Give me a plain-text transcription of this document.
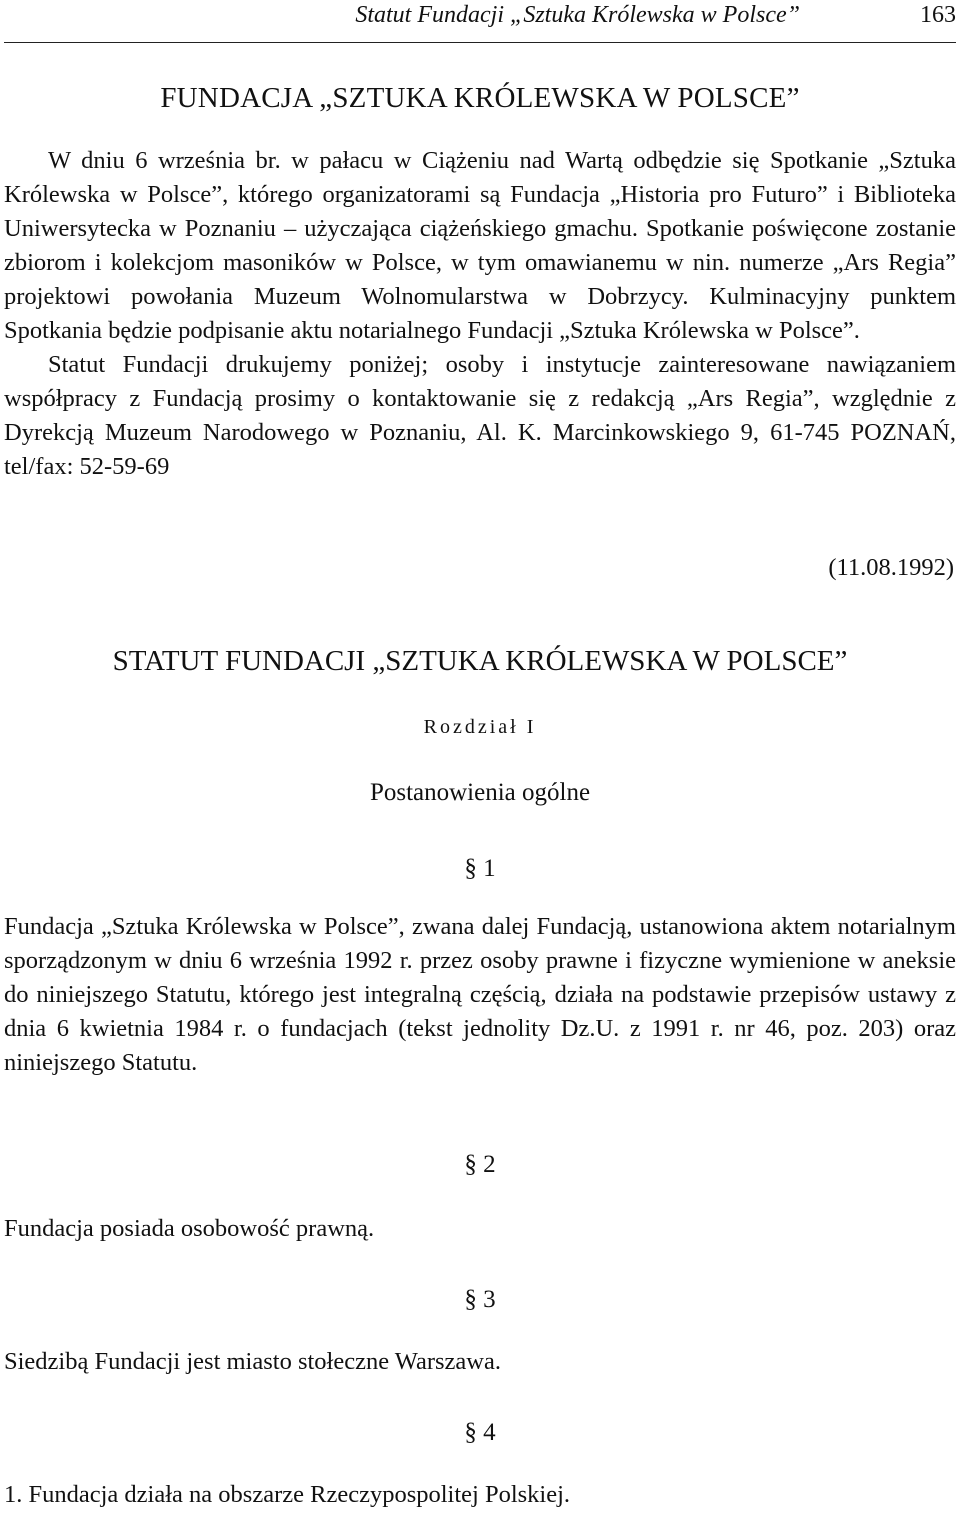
Statut Fundacji „Sztuka Królewska w Polsce”	163
FUNDACJA „SZTUKA KRÓLEWSKA W POLSCE”
W dniu 6 września br. w pałacu w Ciążeniu nad Wartą odbędzie się Spotkanie „Sztuka Królewska w Polsce”, którego organizatorami są Fundacja „Historia pro Futuro” i Biblioteka Uniwersytecka w Poznaniu – użyczająca ciążeńskiego gmachu. Spotkanie poświęcone zostanie zbiorom i kolekcjom masoników w Polsce, w tym omawianemu w nin. numerze „Ars Regia” projektowi powołania Muzeum Wolnomularstwa w Dobrzycy. Kulminacyjny punktem Spotkania będzie podpisanie aktu notarialnego Fundacji „Sztuka Królewska w Polsce”.
Statut Fundacji drukujemy poniżej; osoby i instytucje zainteresowane nawiązaniem współpracy z Fundacją prosimy o kontaktowanie się z redakcją „Ars Regia”, względnie z Dyrekcją Muzeum Narodowego w Poznaniu, Al. K. Marcinkowskiego 9, 61-745 POZNAŃ, tel/fax: 52-59-69
(11.08.1992)
STATUT FUNDACJI „SZTUKA KRÓLEWSKA W POLSCE”
Rozdział I
Postanowienia ogólne
§ 1
Fundacja „Sztuka Królewska w Polsce”, zwana dalej Fundacją, ustanowiona aktem notarialnym sporządzonym w dniu 6 września 1992 r. przez osoby prawne i fizyczne wymienione w aneksie do niniejszego Statutu, którego jest integralną częścią, działa na podstawie przepisów ustawy z dnia 6 kwietnia 1984 r. o fundacjach (tekst jednolity Dz.U. z 1991 r. nr 46, poz. 203) oraz niniejszego Statutu.
§ 2
Fundacja posiada osobowość prawną.
§ 3
Siedzibą Fundacji jest miasto stołeczne Warszawa.
§ 4
1. Fundacja działa na obszarze Rzeczypospolitej Polskiej.
